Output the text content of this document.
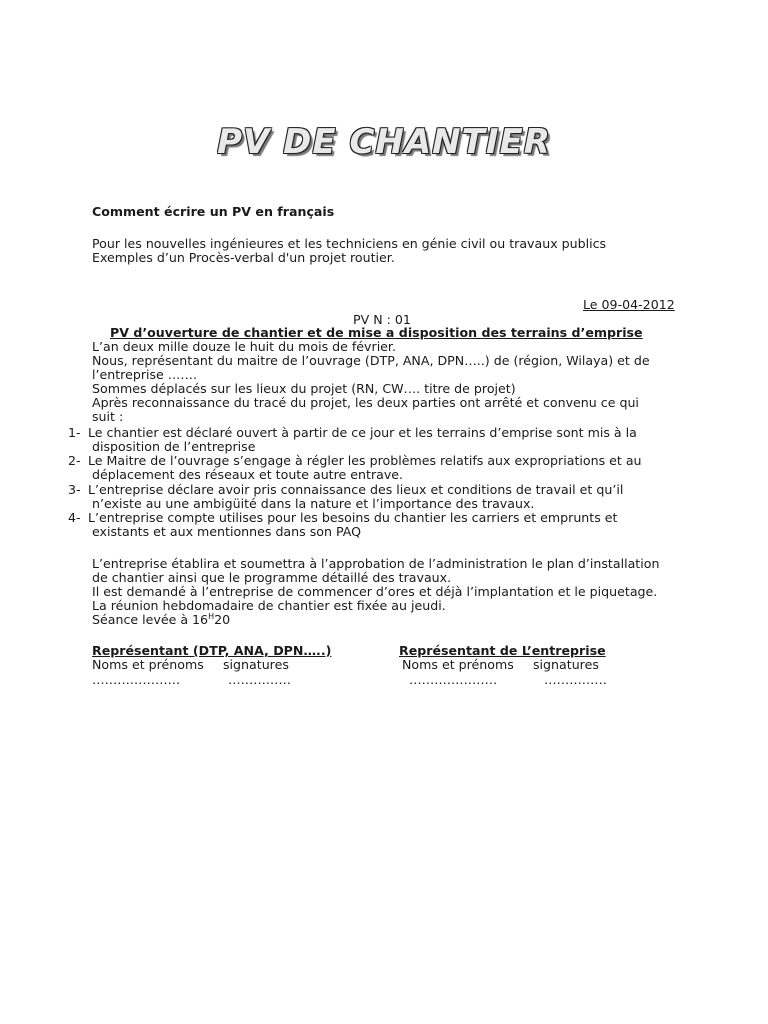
PV DE CHANTIER
Comment écrire un PV en français
Pour les nouvelles ingénieures et les techniciens en génie civil ou travaux publics
Exemples d’un Procès-verbal d'un projet routier.
Le 09-04-2012
PV N : 01
PV d’ouverture de chantier et de mise a disposition des terrains d’emprise
L’an deux mille douze le huit du mois de février.
Nous, représentant du maitre de l’ouvrage (DTP, ANA, DPN…..) de (région, Wilaya) et de
l’entreprise …….
Sommes déplacés sur les lieux du projet (RN, CW…. titre de projet)
Après reconnaissance du tracé du projet, les deux parties ont arrêté et convenu ce qui
suit :
1- Le chantier est déclaré ouvert à partir de ce jour et les terrains d’emprise sont mis à la
disposition de l’entreprise
2- Le Maitre de l’ouvrage s’engage à régler les problèmes relatifs aux expropriations et au
déplacement des réseaux et toute autre entrave.
3- L’entreprise déclare avoir pris connaissance des lieux et conditions de travail et qu’il
n’existe au une ambigüité dans la nature et l’importance des travaux.
4- L’entreprise compte utilises pour les besoins du chantier les carriers et emprunts et
existants et aux mentionnes dans son PAQ
L’entreprise établira et soumettra à l’approbation de l’administration le plan d’installation
de chantier ainsi que le programme détaillé des travaux.
Il est demandé à l’entreprise de commencer d’ores et déjà l’implantation et le piquetage.
La réunion hebdomadaire de chantier est fixée au jeudi.
Séance levée à $16^H20$
Représentant (DTP, ANA, DPN…..)
Noms et prénoms signatures
…………………	……………
Représentant de L’entreprise
Noms et prénoms signatures
…………………	……………
